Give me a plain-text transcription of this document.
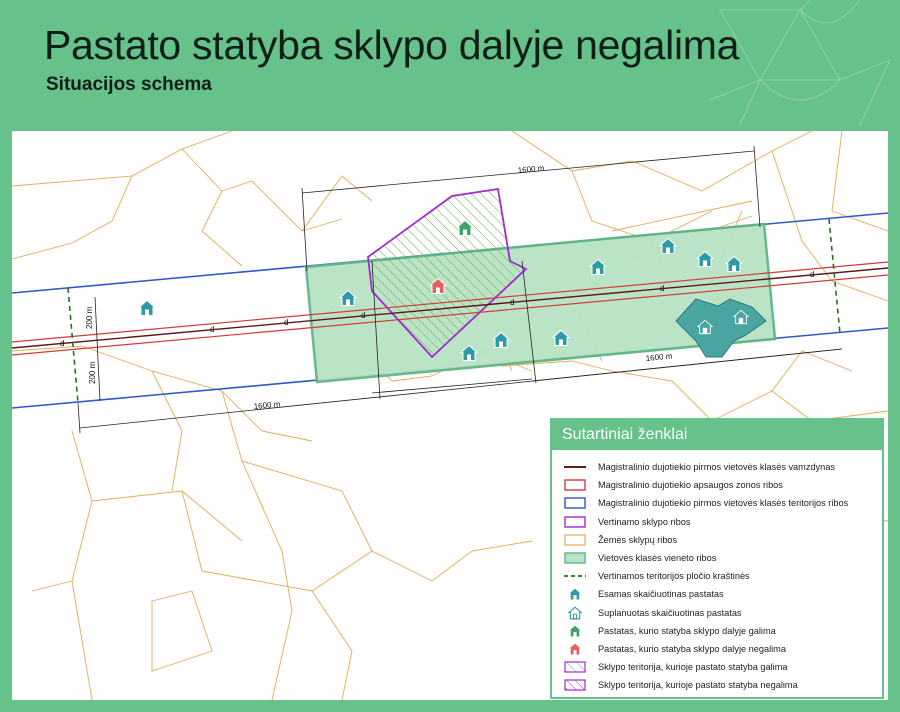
Pastato statyba sklypo dalyje negalima
Situacijos schema
d
d
d
d
d
d
d
1600 m
1600 m
1600 m
200 m
200 m
Sutartiniai ženklai
Magistralinio dujotiekio pirmos vietovės klasės vamzdynas
Magistralinio dujotiekio apsaugos zonos ribos
Magistralinio dujotiekio pirmos vietovės klasės teritorijos ribos
Vertinamo sklypo ribos
Žemės sklypų ribos
Vietovės klasės vieneto ribos
Vertinamos teritorijos pločio kraštinės
Esamas skaičiuotinas pastatas
Suplanuotas skaičiuotinas pastatas
Pastatas, kurio statyba sklypo dalyje galima
Pastatas, kurio statyba sklypo dalyje negalima
Sklypo teritorija, kurioje pastato statyba galima
Sklypo teritorija, kurioje pastato statyba negalima
